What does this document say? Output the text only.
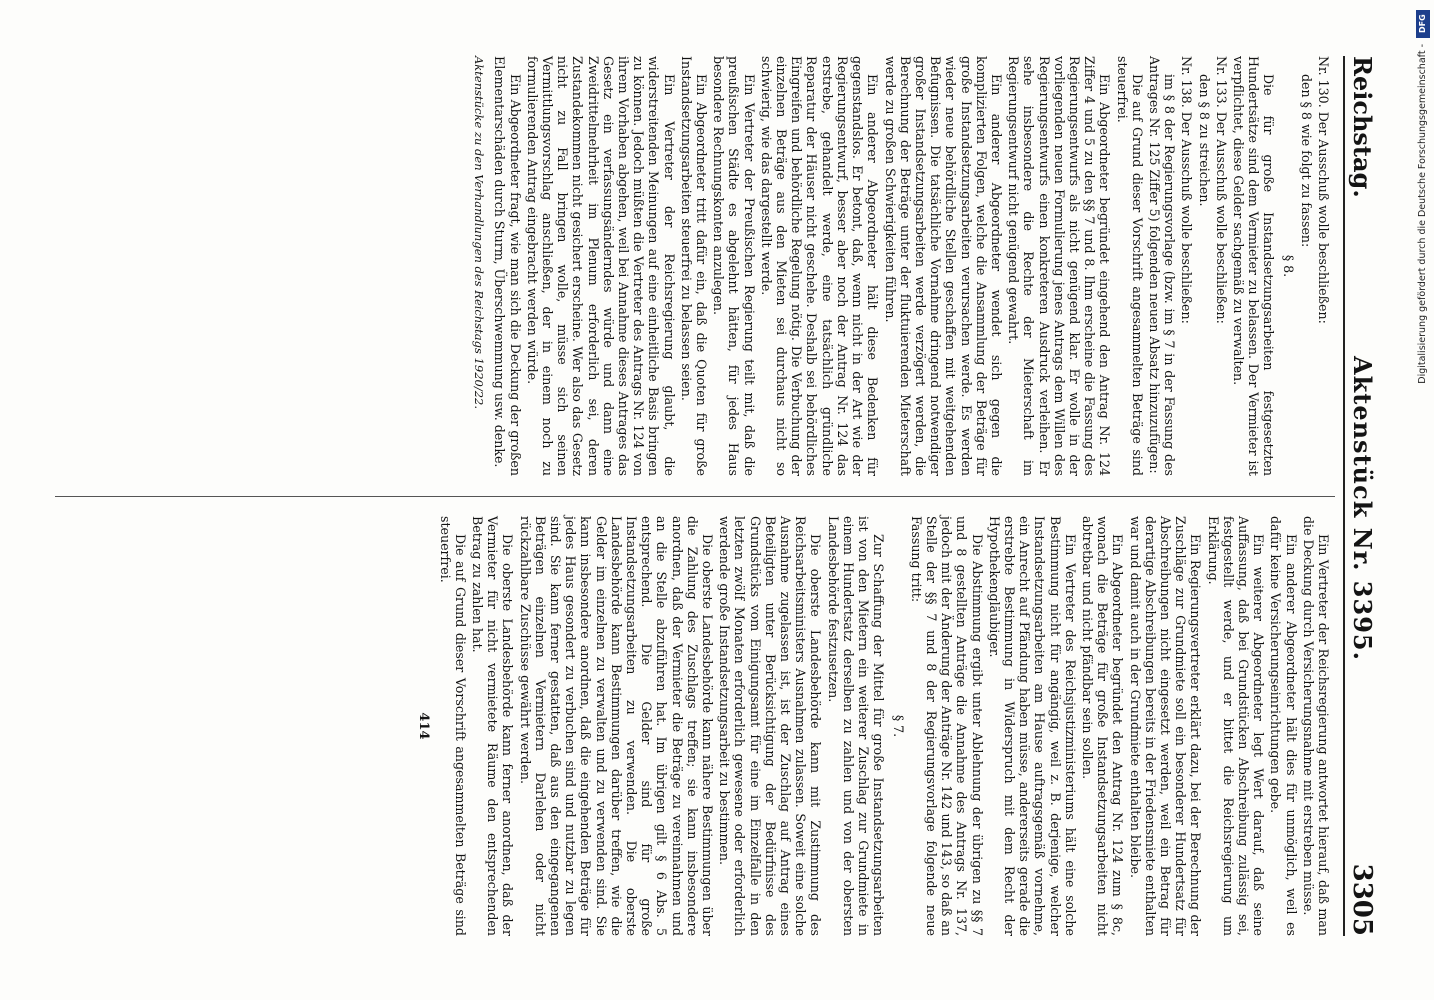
Reichstag.
Aktenstück Nr. 3395.
3305

Nr. 130. Der Ausschuß wolle beschließen:

den § 8 wie folgt zu fassen:

§ 8.

Die für große Instandsetzungsarbeiten festgesetzten Hundertsätze sind dem Vermieter zu belassen. Der Vermieter ist verpflichtet, diese Gelder sachgemäß zu verwalten.

Nr. 133. Der Ausschuß wolle beschließen:

den § 8 zu streichen.

Nr. 138. Der Ausschuß wolle beschließen:

im § 8 der Regierungsvorlage (bzw. im § 7 in der Fassung des Antrages Nr. 125 Ziffer 5) folgenden neuen Absatz hinzuzufügen:

Die auf Grund dieser Vorschrift angesammelten Beträge sind steuerfrei.

Ein Abgeordneter begründet eingehend den Antrag Nr. 124 Ziffer 4 und 5 zu den §§ 7 und 8. Ihm erscheine die Fassung des Regierungsentwurfs als nicht genügend klar. Er wolle in der vorliegenden neuen Formulierung jenes Antrags dem Willen des Regierungsentwurfs einen konkreteren Ausdruck verleihen. Er sehe insbesondere die Rechte der Mieterschaft im Regierungsentwurf nicht genügend gewahrt.

Ein anderer Abgeordneter wendet sich gegen die komplizierten Folgen, welche die Ansammlung der Beträge für große Instandsetzungsarbeiten verursachen werde. Es werden wieder neue behördliche Stellen geschaffen mit weitgehenden Befugnissen. Die tatsächliche Vornahme dringend notwendiger großer Instandsetzungsarbeiten werde verzögert werden, die Berechnung der Beträge unter der fluktuierenden Mieterschaft werde zu großen Schwierigkeiten führen.

Ein anderer Abgeordneter hält diese Bedenken für gegenstandslos. Er betont, daß, wenn nicht in der Art wie der Regierungsentwurf, besser aber noch der Antrag Nr. 124 das erstrebe, gehandelt werde, eine tatsächlich gründliche Reparatur der Häuser nicht geschehe. Deshalb sei behördliches Eingreifen und behördliche Regelung nötig. Die Verbuchung der einzelnen Beträge aus den Mieten sei durchaus nicht so schwierig, wie das dargestellt werde.

Ein Vertreter der Preußischen Regierung teilt mit, daß die preußischen Städte es abgelehnt hätten, für jedes Haus besondere Rechnungskonten anzulegen.

Ein Abgeordneter tritt dafür ein, daß die Quoten für große Instandsetzungsarbeiten steuerfrei zu belassen seien.

Ein Vertreter der Reichsregierung glaubt, die widerstreitenden Meinungen auf eine einheitliche Basis bringen zu können. Jedoch müßten die Vertreter des Antrags Nr. 124 von ihrem Vorhaben abgehen, weil bei Annahme dieses Antrages das Gesetz ein verfassungsänderndes würde und dann eine Zweidrittelmehrheit im Plenum erforderlich sei, deren Zustandekommen nicht gesichert erscheine. Wer also das Gesetz nicht zu Fall bringen wolle, müsse sich seinen Vermittlungsvorschlag anschließen, der in einem noch zu formulierenden Antrag eingebracht werden würde.

Ein Abgeordneter fragt, wie man sich die Deckung der großen Elementarschäden durch Sturm, Überschwemmung usw. denke.

Aktenstücke zu den Verhandlungen des Reichstags 1920/22.

Ein Vertreter der Reichsregierung antwortet hierauf, daß man die Deckung durch Versicherungsnahme mit erstreben müsse.

Ein anderer Abgeordneter hält dies für unmöglich, weil es dafür keine Versicherungseinrichtungen gebe.

Ein weiterer Abgeordneter legt Wert darauf, daß seine Auffassung, daß bei Grundstücken Abschreibung zulässig sei, festgestellt werde, und er bittet die Reichsregierung um Erklärung.

Ein Regierungsvertreter erklärt dazu, bei der Berechnung der Zuschläge zur Grundmiete soll ein besonderer Hundertsatz für Abschreibungen nicht eingesetzt werden, weil ein Betrag für derartige Abschreibungen bereits in der Friedensmiete enthalten war und damit auch in der Grundmiete enthalten bleibe.

Ein Abgeordneter begründet den Antrag Nr. 124 zum § 8c, wonach die Beträge für große Instandsetzungsarbeiten nicht abtretbar und nicht pfändbar sein sollen.

Ein Vertreter des Reichsjustizministeriums hält eine solche Bestimmung nicht für angängig, weil z. B. derjenige, welcher Instandsetzungsarbeiten am Hause auftragsgemäß vornehme, ein Anrecht auf Pfändung haben müsse, andererseits gerade die erstrebte Bestimmung in Widerspruch mit dem Recht der Hypothekengläubiger.

Die Abstimmung ergibt unter Ablehnung der übrigen zu §§ 7 und 8 gestellten Anträge die Annahme des Antrags Nr. 137, jedoch mit der Änderung der Anträge Nr. 142 und 143, so daß an Stelle der §§ 7 und 8 der Regierungsvorlage folgende neue Fassung tritt:

§ 7.

Zur Schaffung der Mittel für große Instandsetzungsarbeiten ist von den Mietern ein weiterer Zuschlag zur Grundmiete in einem Hundertsatz derselben zu zahlen und von der obersten Landesbehörde festzusetzen.

Die oberste Landesbehörde kann mit Zustimmung des Reichsarbeitsministers Ausnahmen zulassen. Soweit eine solche Ausnahme zugelassen ist, ist der Zuschlag auf Antrag eines Beteiligten unter Berücksichtigung der Bedürfnisse des Grundstücks vom Einigungsamt für eine im Einzelfalle in den letzten zwölf Monaten erforderlich gewesene oder erforderlich werdende große Instandsetzungsarbeit zu bestimmen.

Die oberste Landesbehörde kann nähere Bestimmungen über die Zahlung des Zuschlags treffen; sie kann insbesondere anordnen, daß der Vermieter die Beträge zu vereinnahmen und an die Stelle abzuführen hat. Im übrigen gilt § 6 Abs. 5 entsprechend. Die Gelder sind für große Instandsetzungsarbeiten zu verwenden. Die oberste Landesbehörde kann Bestimmungen darüber treffen, wie die Gelder im einzelnen zu verwalten und zu verwenden sind. Sie kann insbesondere anordnen, daß die eingehenden Beträge für jedes Haus gesondert zu verbuchen sind und nutzbar zu legen sind. Sie kann ferner gestatten, daß aus den eingegangenen Beträgen einzelnen Vermietern Darlehen oder nicht rückzahlbare Zuschüsse gewährt werden.

Die oberste Landesbehörde kann ferner anordnen, daß der Vermieter für nicht vermietete Räume den entsprechenden Betrag zu zahlen hat.

Die auf Grund dieser Vorschrift angesammelten Beträge sind steuerfrei.

414

DFG
Digitalisierung gefördert durch die Deutsche Forschungsgemeinschaft -
